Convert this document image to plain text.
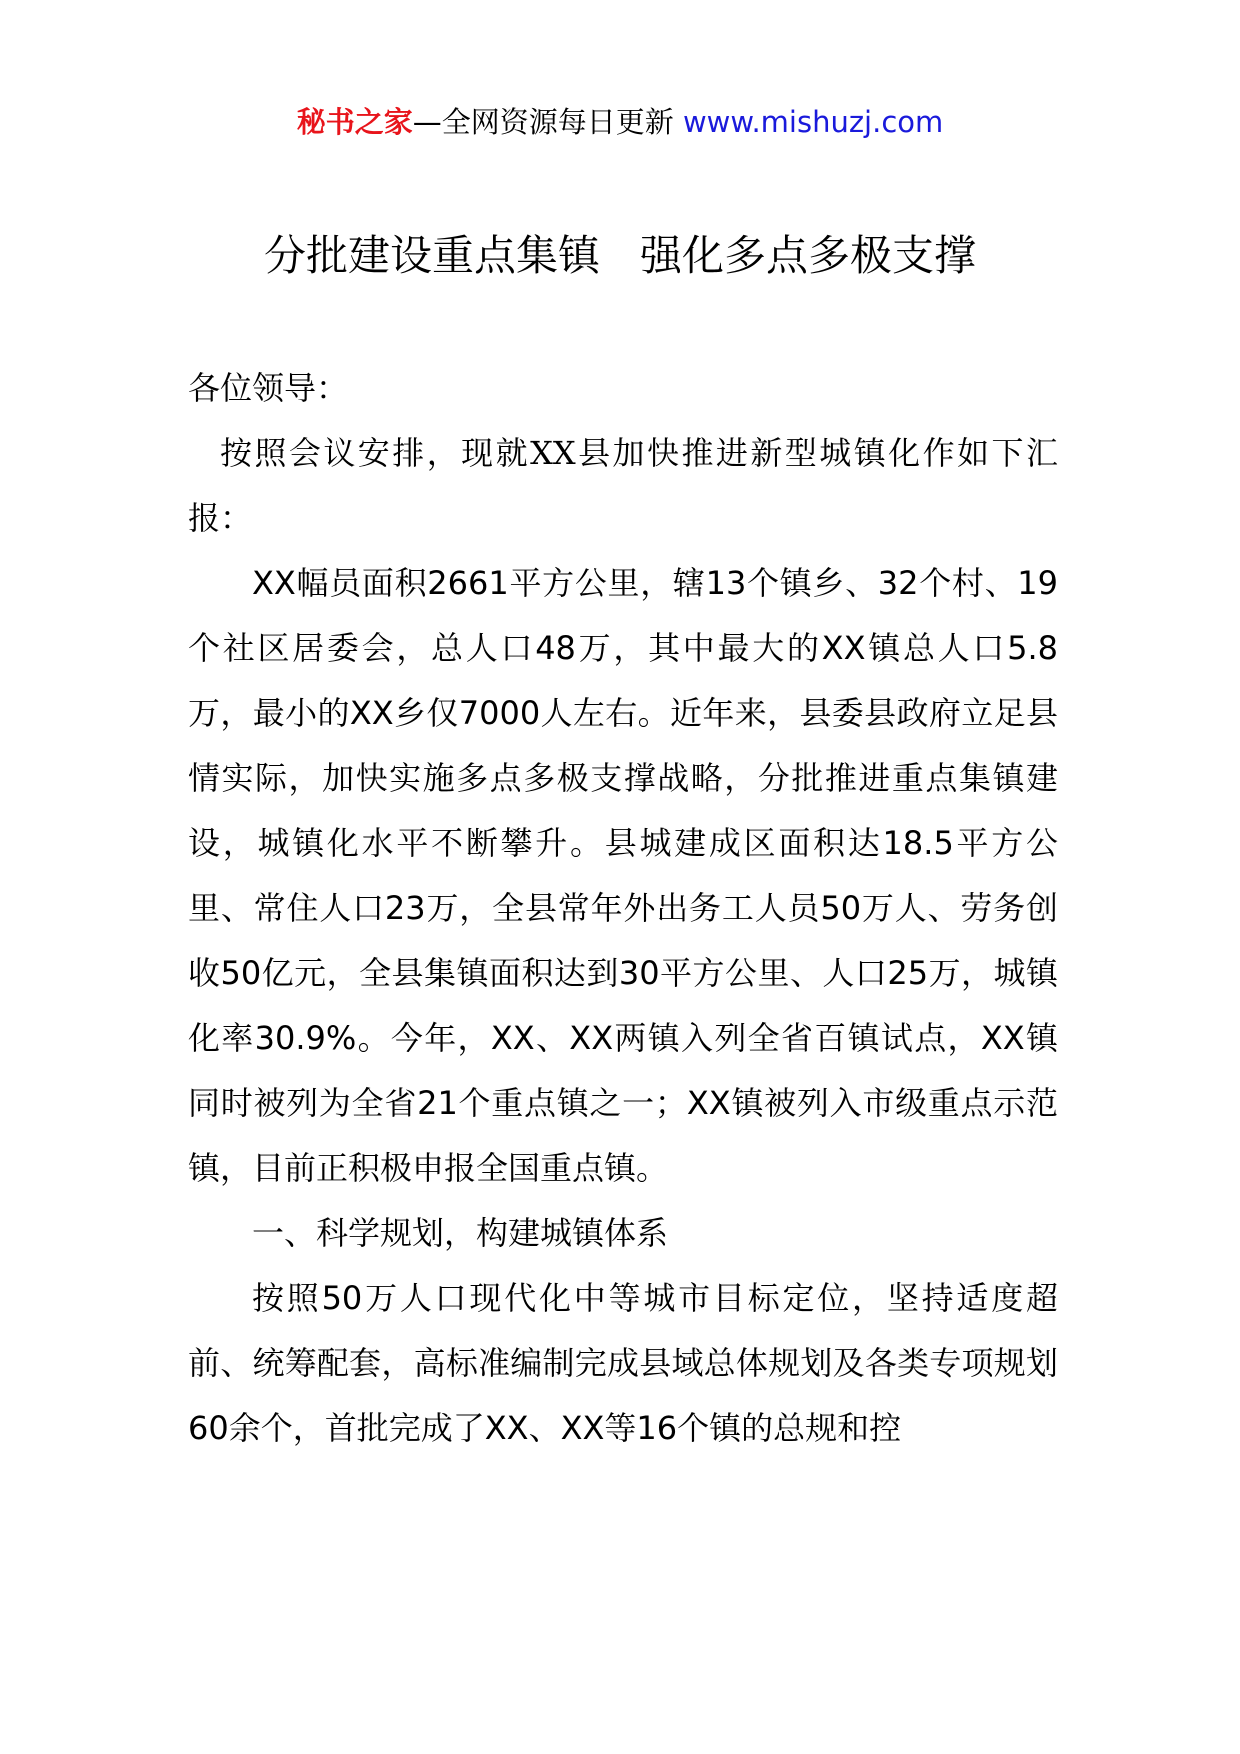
秘书之家—全网资源每日更新 www.mishuzj.com
分批建设重点集镇   强化多点多极支撑

各位领导：

按照会议安排，现就XX县加快推进新型城镇化作如下汇报：

XX幅员面积2661平方公里，辖13个镇乡、32个村、19个社区居委会，总人口48万，其中最大的XX镇总人口5.8万，最小的XX乡仅7000人左右。近年来，县委县政府立足县情实际，加快实施多点多极支撑战略，分批推进重点集镇建设，城镇化水平不断攀升。县城建成区面积达18.5平方公里、常住人口23万，全县常年外出务工人员50万人、劳务创收50亿元，全县集镇面积达到30平方公里、人口25万，城镇化率30.9%。今年，XX、XX两镇入列全省百镇试点，XX镇同时被列为全省21个重点镇之一；XX镇被列入市级重点示范镇，目前正积极申报全国重点镇。

一、科学规划，构建城镇体系

按照50万人口现代化中等城市目标定位，坚持适度超前、统筹配套，高标准编制完成县域总体规划及各类专项规划60余个，首批完成了XX、XX等16个镇的总规和控
